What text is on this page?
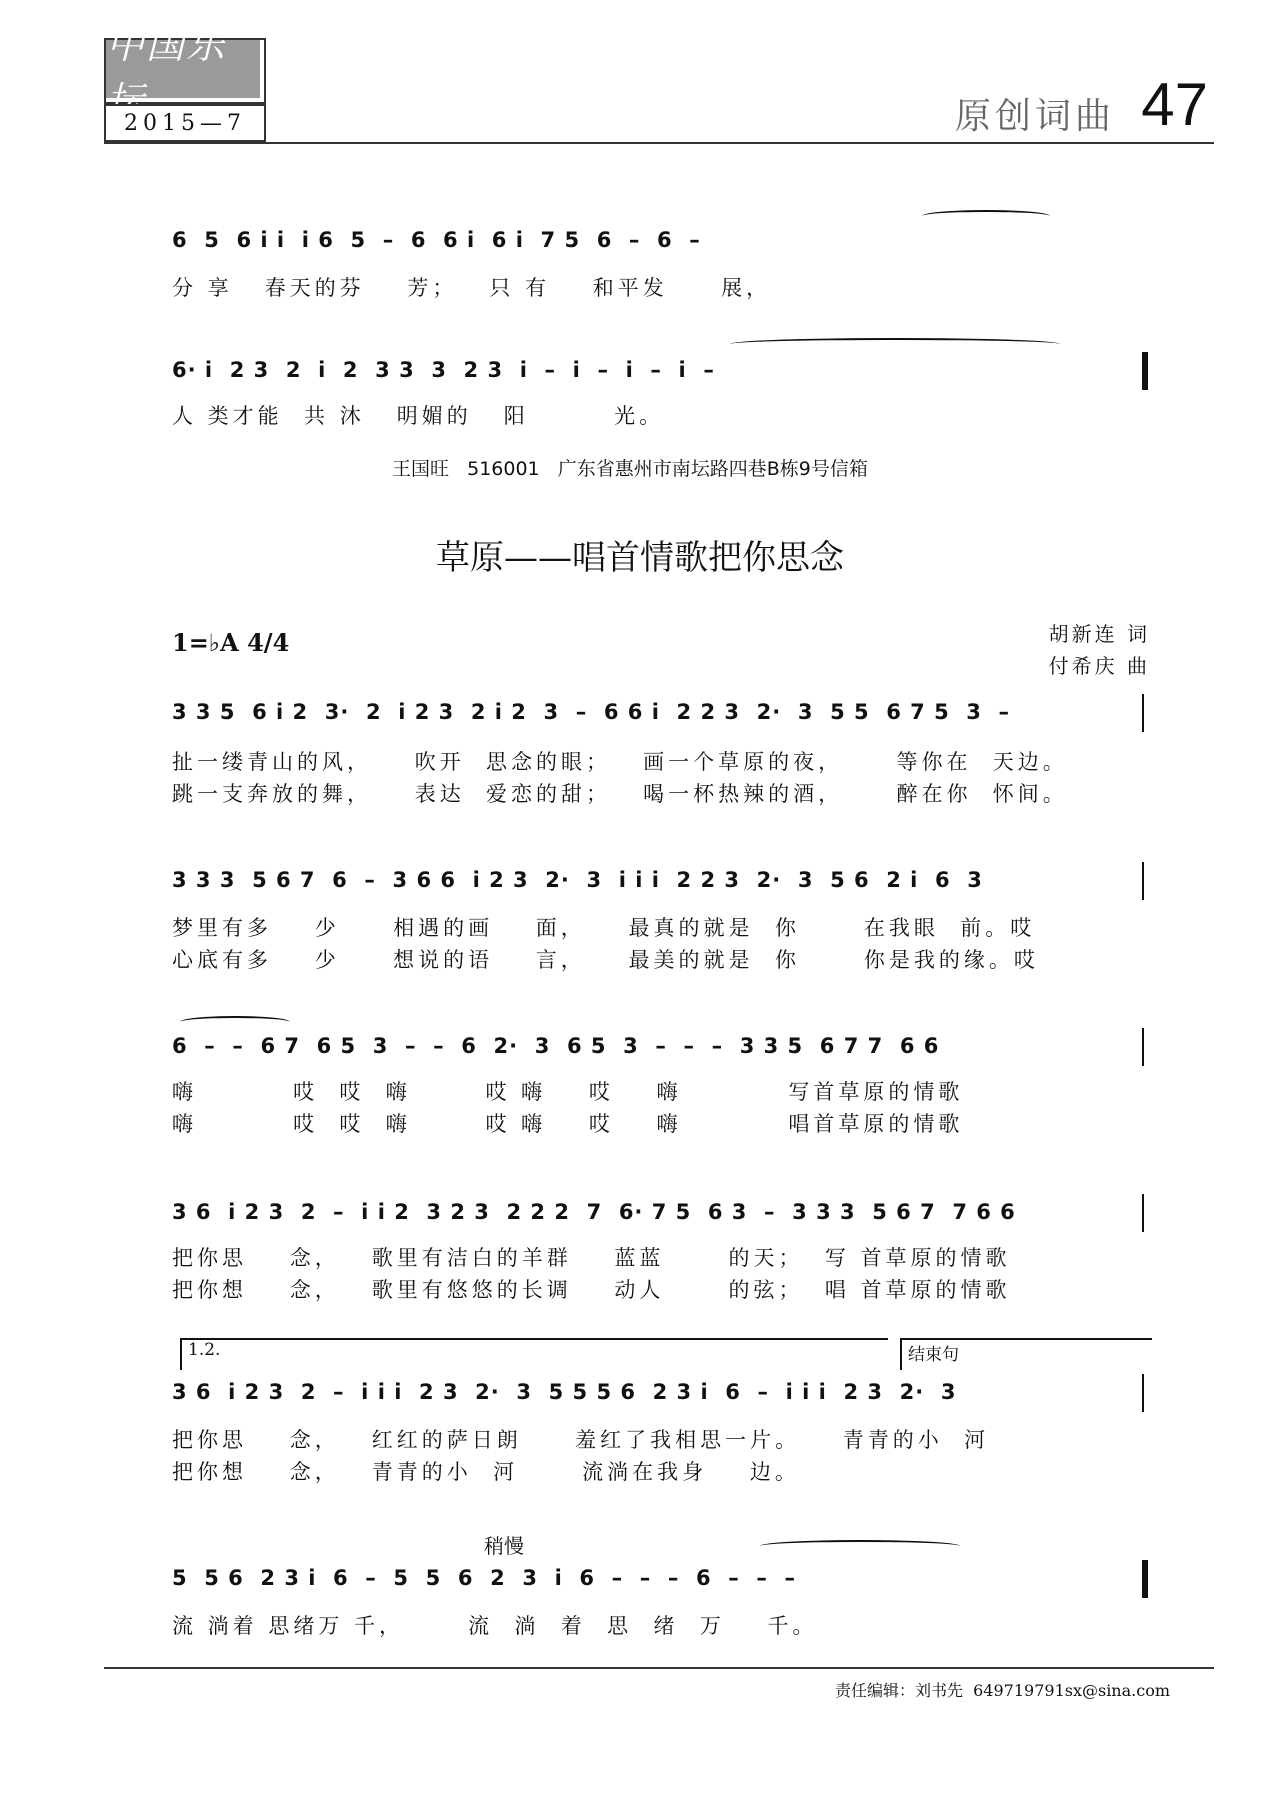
中国乐坛
2015—7	原创词曲 47
6  5  6 i i  i 6  5  –  6  6 i  6 i  7 5  6  –  6  –
分 享   春天的芬    芳；   只 有    和平发     展，
6· i  2 3  2  i  2  3 3  3  2 3  i  –  i  –  i  –  i  –
人 类才能  共 沐   明媚的   阳        光。
王国旺   516001   广东省惠州市南坛路四巷B栋9号信箱
草原——唱首情歌把你思念
1=♭A 4/4	胡新连 词
付希庆 曲
3 3 5  6 i 2  3·  2  i 2 3  2 i 2  3  –  6 6 i  2 2 3  2·  3  5 5  6 7 5  3  –
扯一缕青山的风，    吹开  思念的眼；   画一个草原的夜，     等你在  天边。
跳一支奔放的舞，    表达  爱恋的甜；   喝一杯热辣的酒，     醉在你  怀间。
3 3 3  5 6 7  6  –  3 6 6  i 2 3  2·  3  i i i  2 2 3  2·  3  5 6  2 i  6  3
梦里有多    少     相遇的画    面，    最真的就是  你      在我眼  前。哎
心底有多    少     想说的语    言，    最美的就是  你      你是我的缘。哎
6  –  –  6 7  6 5  3  –  –  6  2·  3  6 5  3  –  –  –  3 3 5  6 7 7  6 6
嗨         哎  哎  嗨       哎 嗨    哎    嗨          写首草原的情歌
嗨         哎  哎  嗨       哎 嗨    哎    嗨          唱首草原的情歌
3 6  i 2 3  2  –  i i 2  3 2 3  2 2 2  7  6· 7 5  6 3  –  3 3 3  5 6 7  7 6 6
把你思    念，   歌里有洁白的羊群    蓝蓝      的天；  写 首草原的情歌
把你想    念，   歌里有悠悠的长调    动人      的弦；  唱 首草原的情歌
1.2.	结束句
3 6  i 2 3  2  –  i i i  2 3  2·  3  5 5 5 6  2 3 i  6  –  i i i  2 3  2·  3
把你思    念，   红红的萨日朗     羞红了我相思一片。    青青的小  河
把你想    念，   青青的小  河      流淌在我身    边。
稍慢
5  5 6  2 3 i  6  –  5  5  6  2  3  i  6  –  –  –  6  –  –  –
流 淌着 思绪万 千，      流  淌  着  思  绪  万    千。
责任编辑：刘书先 649719791sx@sina.com
